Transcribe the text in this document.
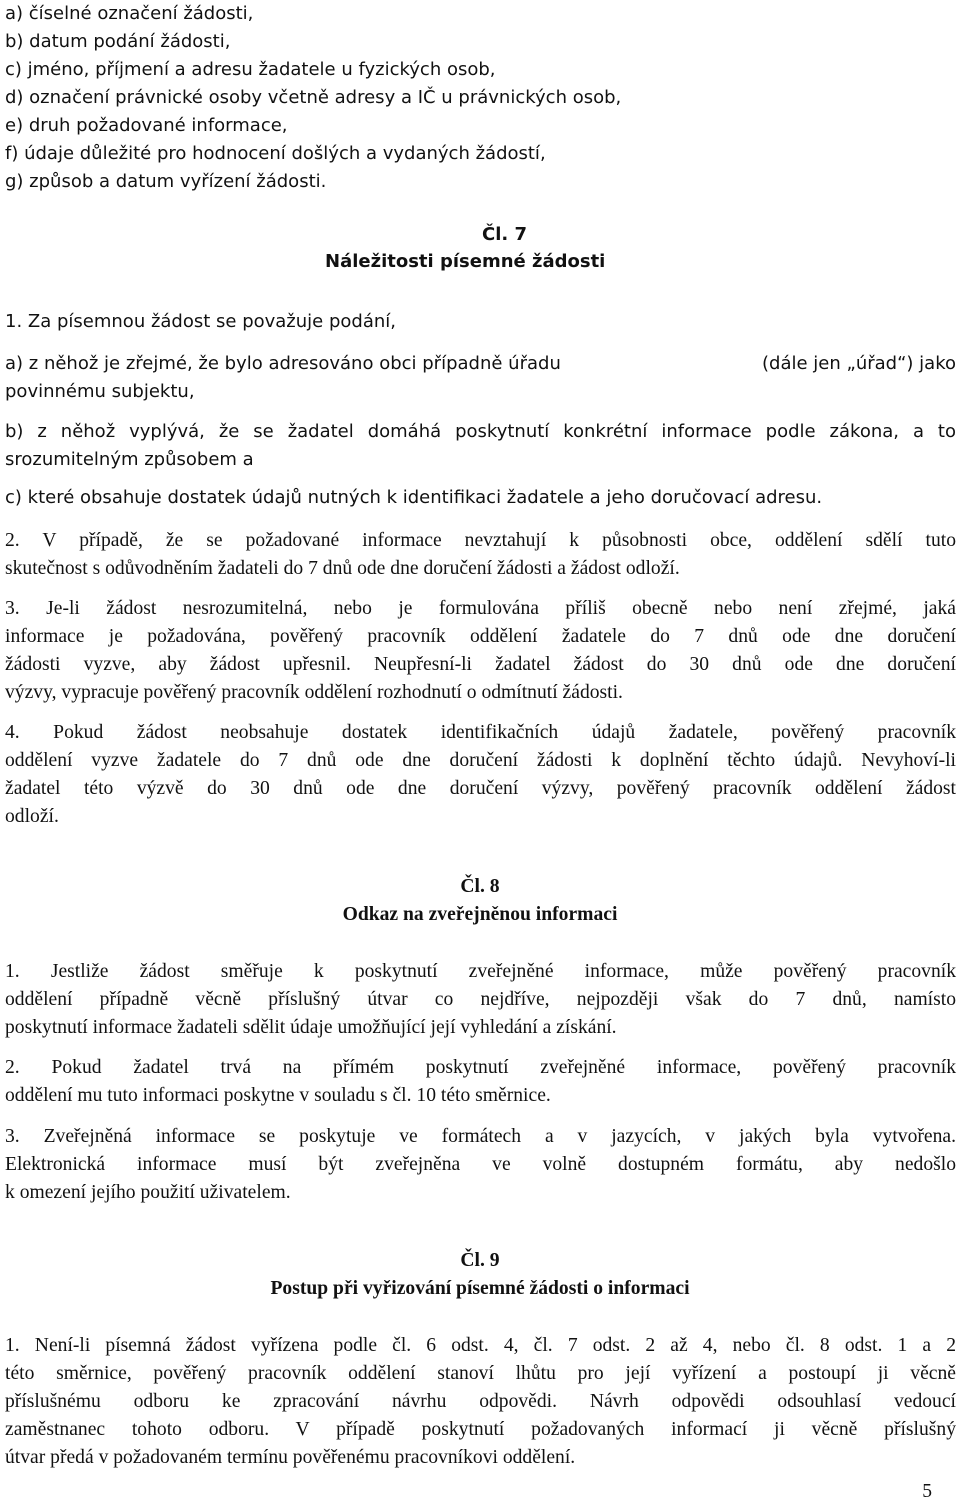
a) číselné označení žádosti,
b) datum podání žádosti,
c) jméno, příjmení a adresu žadatele u fyzických osob,
d) označení právnické osoby včetně adresy a IČ u právnických osob,
e) druh požadované informace,
f) údaje důležité pro hodnocení došlých a vydaných žádostí,
g) způsob a datum vyřízení žádosti.
Čl. 7
Náležitosti písemné žádosti
1. Za písemnou žádost se považuje podání,
a) z něhož je zřejmé, že bylo adresováno obci případně úřadu	(dále jen „úřad“) jako
povinnému subjektu,
b) z něhož vyplývá, že se žadatel domáhá poskytnutí konkrétní informace podle zákona, a to
srozumitelným způsobem a
c) které obsahuje dostatek údajů nutných k identifikaci žadatele a jeho doručovací adresu.
2. V případě, že se požadované informace nevztahují k působnosti obce, oddělení sdělí tuto
skutečnost s odůvodněním žadateli do 7 dnů ode dne doručení žádosti a žádost odloží.
3. Je-li žádost nesrozumitelná, nebo je formulována příliš obecně nebo není zřejmé, jaká
informace je požadována, pověřený pracovník oddělení žadatele do 7 dnů ode dne doručení
žádosti vyzve, aby žádost upřesnil. Neupřesní-li žadatel žádost do 30 dnů ode dne doručení
výzvy, vypracuje pověřený pracovník oddělení rozhodnutí o odmítnutí žádosti.
4. Pokud žádost neobsahuje dostatek identifikačních údajů žadatele, pověřený pracovník
oddělení vyzve žadatele do 7 dnů ode dne doručení žádosti k doplnění těchto údajů. Nevyhoví-li
žadatel této výzvě do 30 dnů ode dne doručení výzvy, pověřený pracovník oddělení žádost
odloží.
Čl. 8
Odkaz na zveřejněnou informaci
1. Jestliže žádost směřuje k poskytnutí zveřejněné informace, může pověřený pracovník
oddělení případně věcně příslušný útvar co nejdříve, nejpozději však do 7 dnů, namísto
poskytnutí informace žadateli sdělit údaje umožňující její vyhledání a získání.
2. Pokud žadatel trvá na přímém poskytnutí zveřejněné informace, pověřený pracovník
oddělení mu tuto informaci poskytne v souladu s čl. 10 této směrnice.
3. Zveřejněná informace se poskytuje ve formátech a v jazycích, v jakých byla vytvořena.
Elektronická informace musí být zveřejněna ve volně dostupném formátu, aby nedošlo
k omezení jejího použití uživatelem.
Čl. 9
Postup při vyřizování písemné žádosti o informaci
1. Není-li písemná žádost vyřízena podle čl. 6 odst. 4, čl. 7 odst. 2 až 4, nebo čl. 8 odst. 1 a 2
této směrnice, pověřený pracovník oddělení stanoví lhůtu pro její vyřízení a postoupí ji věcně
příslušnému odboru ke zpracování návrhu odpovědi. Návrh odpovědi odsouhlasí vedoucí
zaměstnanec tohoto odboru. V případě poskytnutí požadovaných informací ji věcně příslušný
útvar předá v požadovaném termínu pověřenému pracovníkovi oddělení.
5
